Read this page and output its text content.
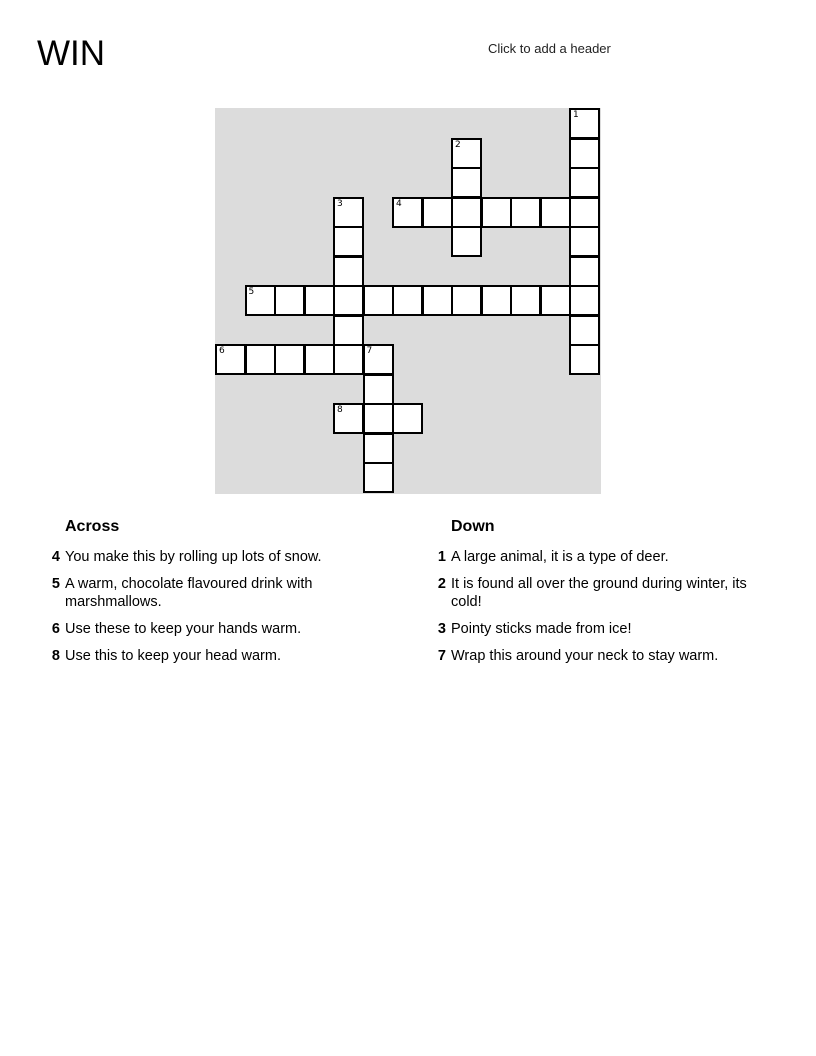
WIN	Click to add a header
1
2
3	4
5
6	7
8
Across	Down
4 You make this by rolling up lots of snow.
5 A warm, chocolate flavoured drink with marshmallows.
6 Use these to keep your hands warm.
8 Use this to keep your head warm.
1 A large animal, it is a type of deer.
2 It is found all over the ground during winter, its cold!
3 Pointy sticks made from ice!
7 Wrap this around your neck to stay warm.
